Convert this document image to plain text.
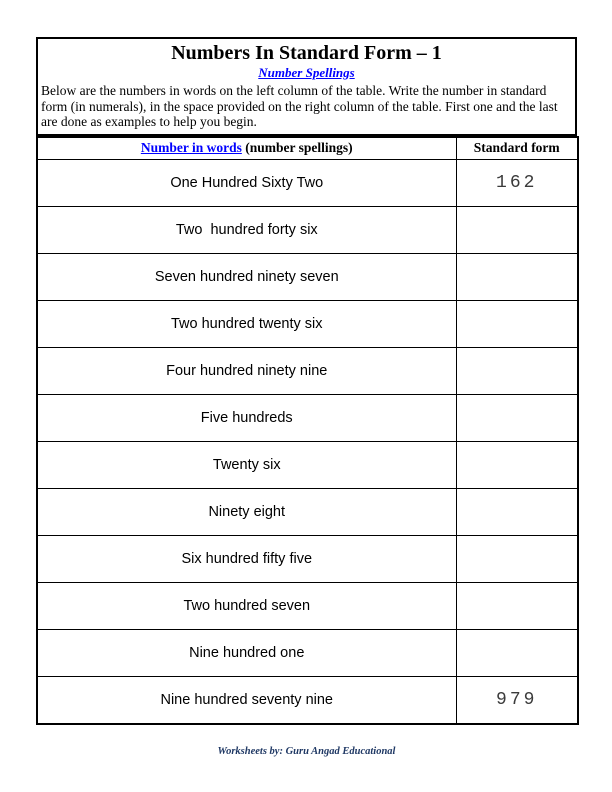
Numbers In Standard Form – 1
Number Spellings
Below are the numbers in words on the left column of the table. Write the number in standard form (in numerals), in the space provided on the right column of the table. First one and the last are done as examples to help you begin.
Number in words (number spellings)	Standard form
One Hundred Sixty Two	162
Two  hundred forty six	
Seven hundred ninety seven	
Two hundred twenty six	
Four hundred ninety nine	
Five hundreds	
Twenty six	
Ninety eight	
Six hundred fifty five	
Two hundred seven	
Nine hundred one	
Nine hundred seventy nine	979
Worksheets by: Guru Angad Educational
